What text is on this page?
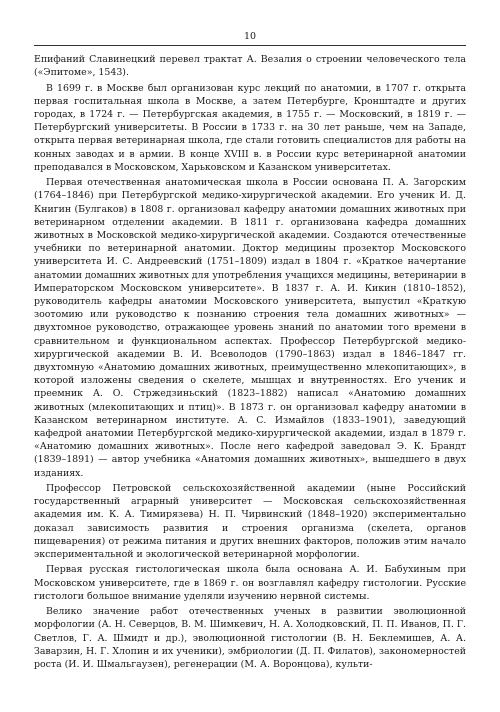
10

Епифаний Славинецкий перевел трактат А. Везалия о строении человеческого тела («Эпитоме», 1543).

В 1699 г. в Москве был организован курс лекций по анатомии, в 1707 г. открыта первая госпитальная школа в Москве, а затем Петербурге, Кронштадте и других городах, в 1724 г. — Петербургская академия, в 1755 г. — Московский, в 1819 г. — Петербургский университеты. В России в 1733 г. на 30 лет раньше, чем на Западе, открыта первая ветеринарная школа, где стали готовить специалистов для работы на конных заводах и в армии. В конце XVIII в. в России курс ветеринарной анатомии преподавался в Московском, Харьковском и Казанском университетах.

Первая отечественная анатомическая школа в России основана П. А. Загорским (1764–1846) при Петербургской медико-хирургической академии. Его ученик И. Д. Книгин (Булгаков) в 1808 г. организовал кафедру анатомии домашних животных при ветеринарном отделении академии. В 1811 г. организована кафедра домашних животных в Московской медико-хирургической академии. Создаются отечественные учебники по ветеринарной анатомии. Доктор медицины прозектор Московского университета И. С. Андреевский (1751–1809) издал в 1804 г. «Краткое начертание анатомии домашних животных для употребления учащихся медицины, ветеринарии в Императорском Московском университете». В 1837 г. А. И. Кикин (1810–1852), руководитель кафедры анатомии Московского университета, выпустил «Краткую зоотомию или руководство к познанию строения тела домашних животных» — двухтомное руководство, отражающее уровень знаний по анатомии того времени в сравнительном и функциональном аспектах. Профессор Петербургской медико-хирургической академии В. И. Всеволодов (1790–1863) издал в 1846–1847 гг. двухтомную «Анатомию домашних животных, преимущественно млекопитающих», в которой изложены сведения о скелете, мышцах и внутренностях. Его ученик и преемник А. О. Стржедзиньский (1823–1882) написал «Анатомию домашних животных (млекопитающих и птиц)». В 1873 г. он организовал кафедру анатомии в Казанском ветеринарном институте. А. С. Измайлов (1833–1901), заведующий кафедрой анатомии Петербургской медико-хирургической академии, издал в 1879 г. «Анатомию домашних животных». После него кафедрой заведовал Э. К. Брандт (1839–1891) — автор учебника «Анатомия домашних животных», вышедшего в двух изданиях.

Профессор Петровской сельскохозяйственной академии (ныне Российский государственный аграрный университет — Московская сельскохозяйственная академия им. К. А. Тимирязева) Н. П. Чирвинский (1848–1920) экспериментально доказал зависимость развития и строения организма (скелета, органов пищеварения) от режима питания и других внешних факторов, положив этим начало экспериментальной и экологической ветеринарной морфологии.

Первая русская гистологическая школа была основана А. И. Бабухиным при Московском университете, где в 1869 г. он возглавлял кафедру гистологии. Русские гистологи большое внимание уделяли изучению нервной системы.

Велико значение работ отечественных ученых в развитии эволюционной морфологии (А. Н. Северцов, В. М. Шимкевич, Н. А. Холодковский, П. П. Иванов, П. Г. Светлов, Г. А. Шмидт и др.), эволюционной гистологии (В. Н. Беклемишев, А. А. Заварзин, Н. Г. Хлопин и их ученики), эмбриологии (Д. П. Филатов), закономерностей роста (И. И. Шмальгаузен), регенерации (М. А. Воронцова), культи-
